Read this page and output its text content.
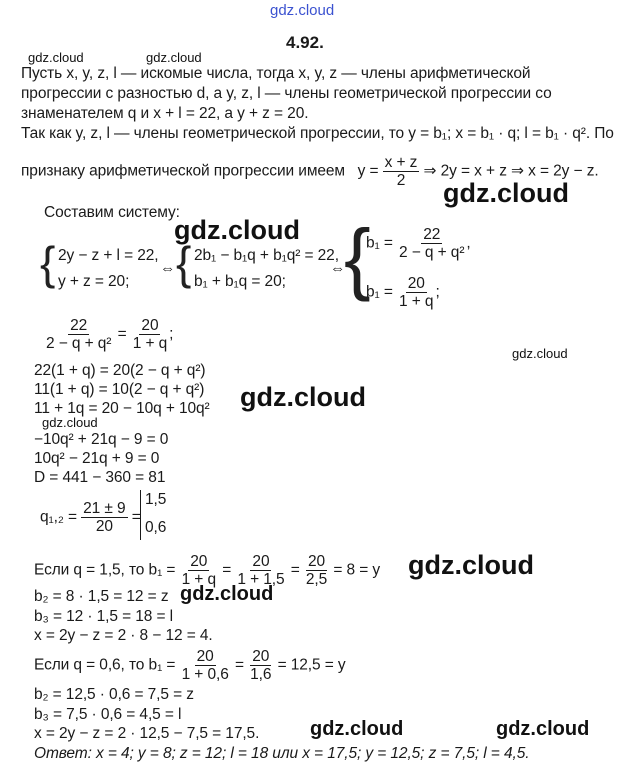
gdz.cloud
gdz.cloud	gdz.cloud
gdz.cloud
gdz.cloud
gdz.cloud
gdz.cloud
gdz.cloud
gdz.cloud
gdz.cloud
gdz.cloud	gdz.cloud
4.92.
Пусть x, y, z, l — искомые числа, тогда x, y, z — члены арифметической
прогрессии с разностью d, а y, z, l — члены геометрической прогрессии со
знаменателем q и x + l = 22, а y + z = 20.
Так как y, z, l — члены геометрической прогрессии, то y = b₁; x = b₁ · q; l = b₁ · q². По
признаку арифметической прогрессии имеем $y = \frac{x + z}{2}$ ⇒ 2y = x + z ⇒ x = 2y − z.
Составим систему:
{ 2y − z + l = 22,
y + z = 20;
⇔ { 2b₁ − b₁q + b₁q² = 22,
b₁ + b₁q = 20;
⇔
{
$b_1 = \frac{22}{\text{2 − q + q²}}$ ,
$b_1 = \frac{20}{1 + q}$ ;
$\frac{22}{\text{2 − q + q²}} = \frac{20}{1 + q}$ ;
22(1 + q) = 20(2 − q + q²)
11(1 + q) = 10(2 − q + q²)
11 + 1q = 20 − 10q + 10q²
−10q² + 21q − 9 = 0
10q² − 21q + 9 = 0
D = 441 − 360 = 81
$q_1,_2 = \frac{21 \pm 9}{20}$ =
1,5
0,6
Если q = 1,5, то $b_1 = \frac{20}{1 + q} = \frac{20}{1 + 1,5} = \frac{20}{2,5} = 8 = y$
b₂ = 8 · 1,5 = 12 = z
b₃ = 12 · 1,5 = 18 = l
x = 2y − z = 2 · 8 − 12 = 4.
Если q = 0,6, то $b_1 = \frac{20}{1 + 0,6} = \frac{20}{1,6} = 12,5 = y$
b₂ = 12,5 · 0,6 = 7,5 = z
b₃ = 7,5 · 0,6 = 4,5 = l
x = 2y − z = 2 · 12,5 − 7,5 = 17,5.
Ответ: x = 4; y = 8; z = 12; l = 18 или x = 17,5; y = 12,5; z = 7,5; l = 4,5.
